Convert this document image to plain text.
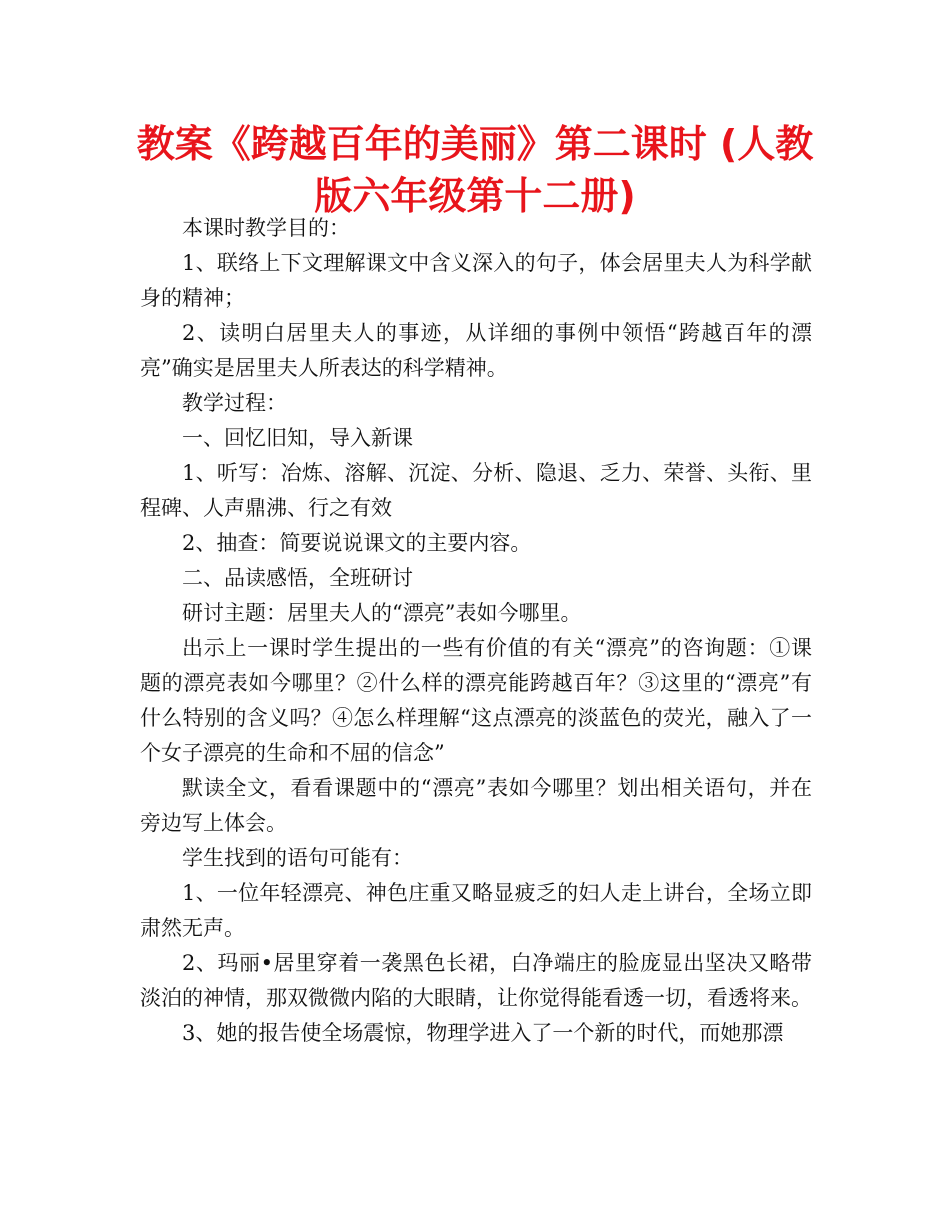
教案《跨越百年的美丽》第二课时 (人教版六年级第十二册)

本课时教学目的：

1、联络上下文理解课文中含义深入的句子，体会居里夫人为科学献身的精神；

2、读明白居里夫人的事迹，从详细的事例中领悟“跨越百年的漂亮”确实是居里夫人所表达的科学精神。

教学过程：

一、回忆旧知，导入新课

1、听写：冶炼、溶解、沉淀、分析、隐退、乏力、荣誉、头衔、里程碑、人声鼎沸、行之有效

2、抽查：简要说说课文的主要内容。

二、品读感悟，全班研讨

研讨主题：居里夫人的“漂亮”表如今哪里。

出示上一课时学生提出的一些有价值的有关“漂亮”的咨询题：①课题的漂亮表如今哪里？②什么样的漂亮能跨越百年？③这里的“漂亮”有什么特别的含义吗？④怎么样理解“这点漂亮的淡蓝色的荧光，融入了一个女子漂亮的生命和不屈的信念”

默读全文，看看课题中的“漂亮”表如今哪里？划出相关语句，并在旁边写上体会。

学生找到的语句可能有：

1、一位年轻漂亮、神色庄重又略显疲乏的妇人走上讲台，全场立即肃然无声。

2、玛丽•居里穿着一袭黑色长裙，白净端庄的脸庞显出坚决又略带淡泊的神情，那双微微内陷的大眼睛，让你觉得能看透一切，看透将来。

3、她的报告使全场震惊，物理学进入了一个新的时代，而她那漂
